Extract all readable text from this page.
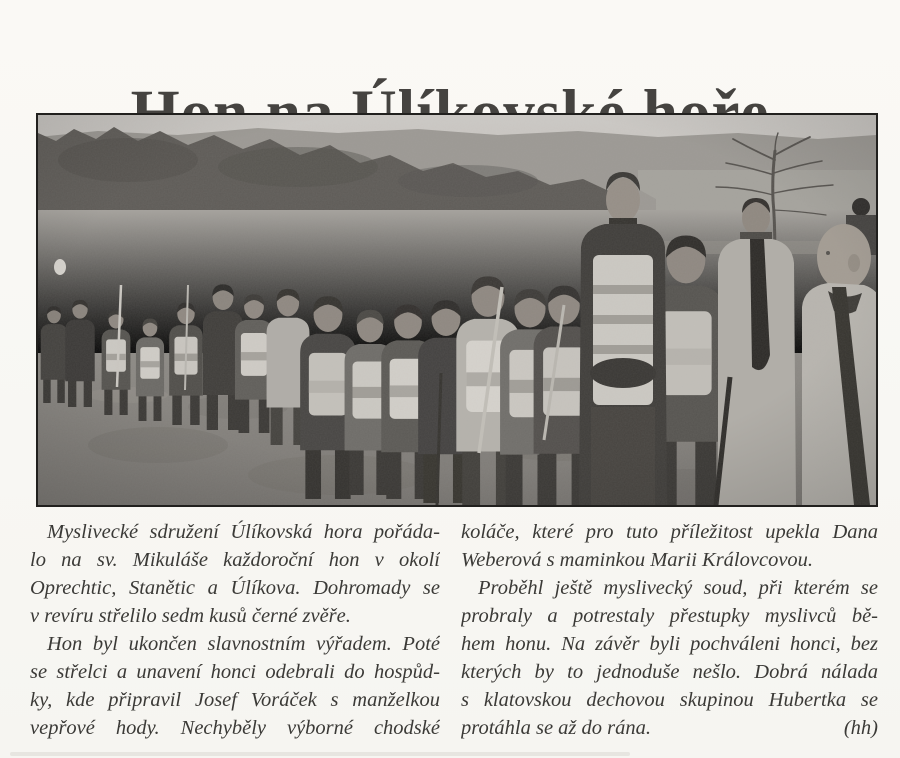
Myslivecké sdružení Úlíkovská hora pořáda-
lo na sv. Mikuláše každoroční hon v okolí
Oprechtic, Stanětic a Úlíkova. Dohromady se
v revíru střelilo sedm kusů černé zvěře.
Hon byl ukončen slavnostním výřadem. Poté
se střelci a unavení honci odebrali do hospůd-
ky, kde připravil Josef Voráček s manželkou
vepřové hody. Nechyběly výborné chodské
koláče, které pro tuto příležitost upekla Dana
Weberová s maminkou Marii Královcovou.
Proběhl ještě myslivecký soud, při kterém se
probraly a potrestaly přestupky myslivců bě-
hem honu. Na závěr byli pochváleni honci, bez
kterých by to jednoduše nešlo. Dobrá nálada
s klatovskou dechovou skupinou Hubertka se
protáhla se až do rána.	(hh)
